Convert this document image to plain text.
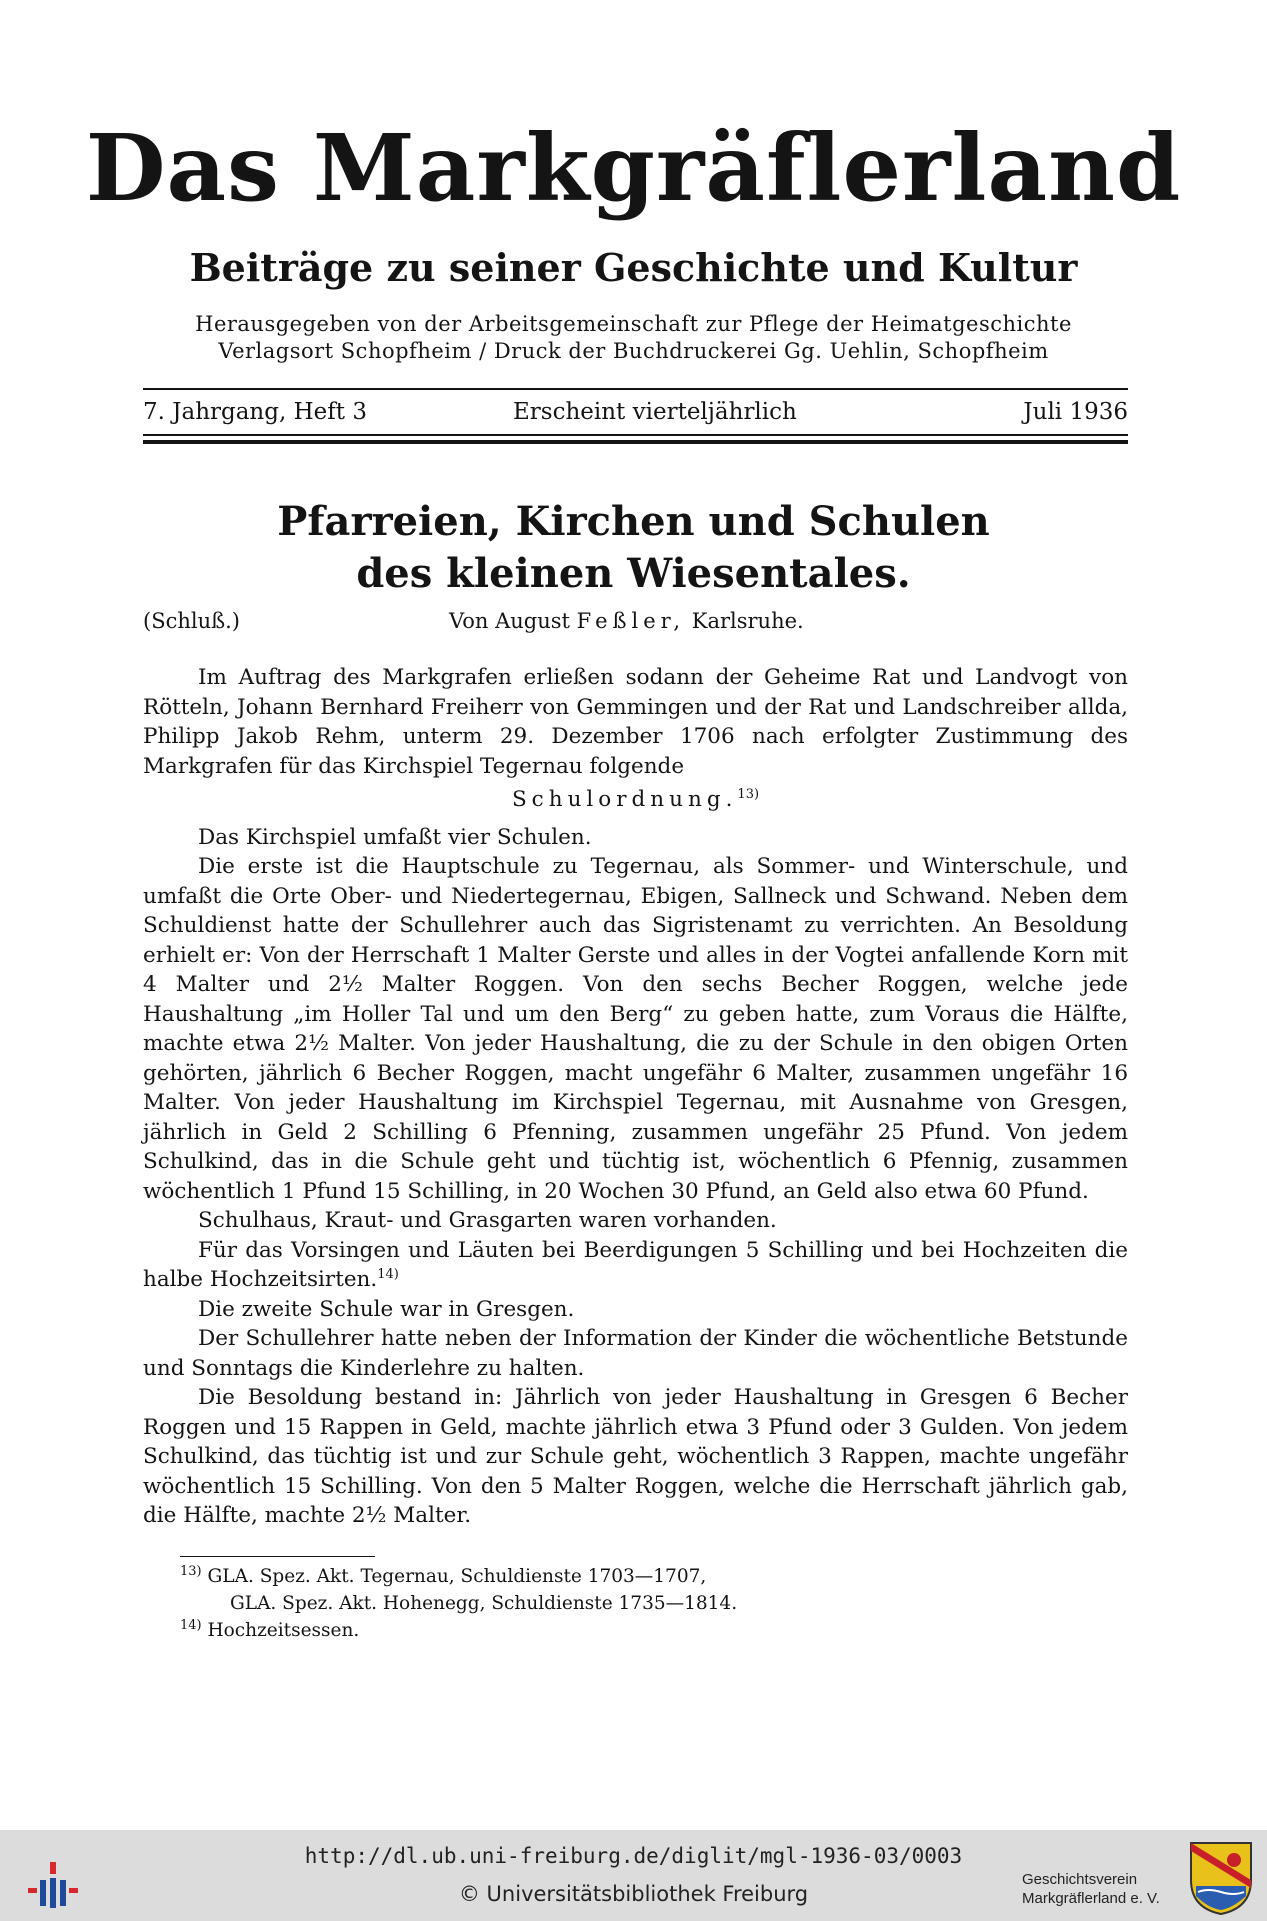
Das Markgräflerland
Beiträge zu seiner Geschichte und Kultur
Herausgegeben von der Arbeitsgemeinschaft zur Pflege der Heimatgeschichte
Verlagsort Schopfheim / Druck der Buchdruckerei Gg. Uehlin, Schopfheim
7. Jahrgang, Heft 3	Erscheint vierteljährlich	Juli 1936
Pfarreien, Kirchen und Schulen
des kleinen Wiesentales.
(Schluß.)	Von August Feßler, Karlsruhe.

Im Auftrag des Markgrafen erließen sodann der Geheime Rat und Landvogt von Rötteln, Johann Bernhard Freiherr von Gemmingen und der Rat und Landschreiber allda, Philipp Jakob Rehm, unterm 29. Dezember 1706 nach erfolgter Zustimmung des Markgrafen für das Kirchspiel Tegernau folgende

Schulordnung.$^{13)}$

Das Kirchspiel umfaßt vier Schulen.

Die erste ist die Hauptschule zu Tegernau, als Sommer- und Winterschule, und umfaßt die Orte Ober- und Niedertegernau, Ebigen, Sallneck und Schwand. Neben dem Schuldienst hatte der Schullehrer auch das Sigristenamt zu verrichten. An Besoldung erhielt er: Von der Herrschaft 1 Malter Gerste und alles in der Vogtei anfallende Korn mit 4 Malter und 2½ Malter Roggen. Von den sechs Becher Roggen, welche jede Haushaltung „im Holler Tal und um den Berg“ zu geben hatte, zum Voraus die Hälfte, machte etwa 2½ Malter. Von jeder Haushaltung, die zu der Schule in den obigen Orten gehörten, jährlich 6 Becher Roggen, macht ungefähr 6 Malter, zusammen ungefähr 16 Malter. Von jeder Haushaltung im Kirchspiel Tegernau, mit Ausnahme von Gresgen, jährlich in Geld 2 Schilling 6 Pfenning, zusammen ungefähr 25 Pfund. Von jedem Schulkind, das in die Schule geht und tüchtig ist, wöchentlich 6 Pfennig, zusammen wöchentlich 1 Pfund 15 Schilling, in 20 Wochen 30 Pfund, an Geld also etwa 60 Pfund.

Schulhaus, Kraut- und Grasgarten waren vorhanden.

Für das Vorsingen und Läuten bei Beerdigungen 5 Schilling und bei Hochzeiten die halbe Hochzeitsirten.$^{14)}$

Die zweite Schule war in Gresgen.

Der Schullehrer hatte neben der Information der Kinder die wöchentliche Betstunde und Sonntags die Kinderlehre zu halten.

Die Besoldung bestand in: Jährlich von jeder Haushaltung in Gresgen 6 Becher Roggen und 15 Rappen in Geld, machte jährlich etwa 3 Pfund oder 3 Gulden. Von jedem Schulkind, das tüchtig ist und zur Schule geht, wöchentlich 3 Rappen, machte ungefähr wöchentlich 15 Schilling. Von den 5 Malter Roggen, welche die Herrschaft jährlich gab, die Hälfte, machte 2½ Malter.

$^{13)}$ GLA. Spez. Akt. Tegernau, Schuldienste 1703—1707,
GLA. Spez. Akt. Hohenegg, Schuldienste 1735—1814.
$^{14)}$ Hochzeitsessen.
http://dl.ub.uni-freiburg.de/diglit/mgl-1936-03/0003
© Universitätsbibliothek Freiburg
Geschichtsverein
Markgräflerland e. V.
